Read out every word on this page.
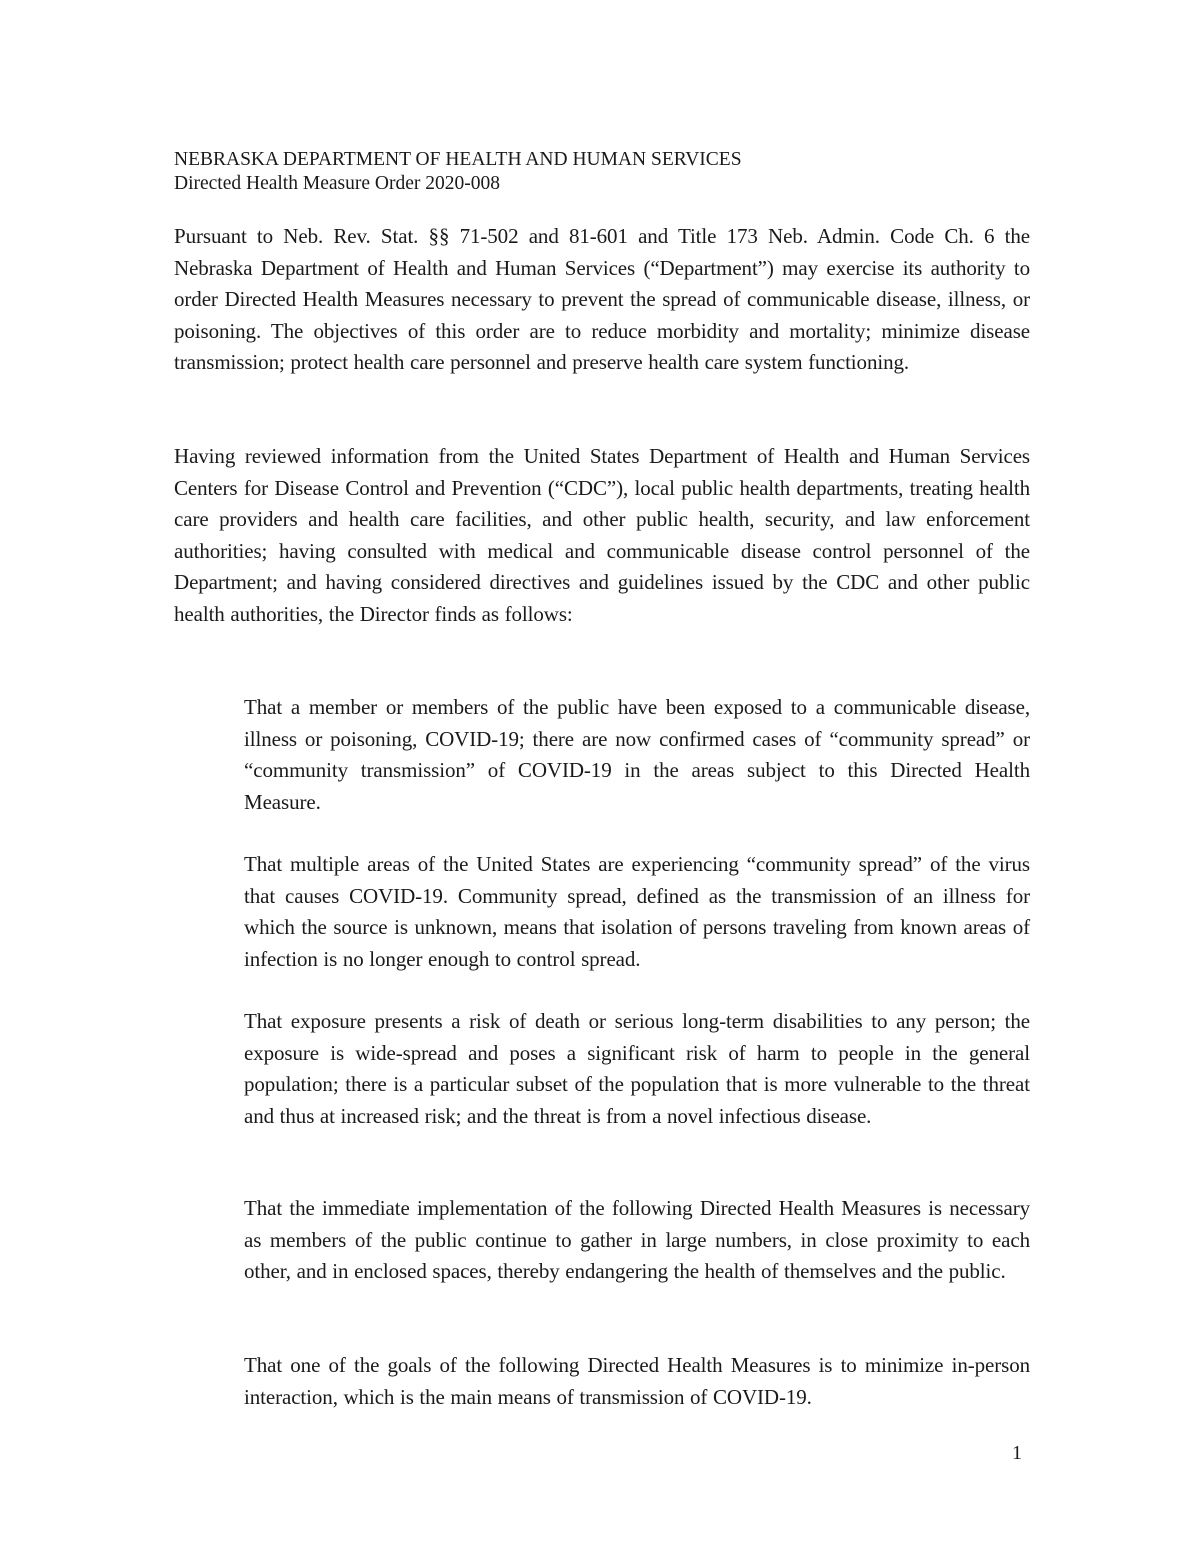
NEBRASKA DEPARTMENT OF HEALTH AND HUMAN SERVICES
Directed Health Measure Order 2020-008

Pursuant to Neb. Rev. Stat. §§ 71-502 and 81-601 and Title 173 Neb. Admin. Code Ch. 6 the Nebraska Department of Health and Human Services (“Department”) may exercise its authority to order Directed Health Measures necessary to prevent the spread of communicable disease, illness, or poisoning. The objectives of this order are to reduce morbidity and mortality; minimize disease transmission; protect health care personnel and preserve health care system functioning.

Having reviewed information from the United States Department of Health and Human Services Centers for Disease Control and Prevention (“CDC”), local public health departments, treating health care providers and health care facilities, and other public health, security, and law enforcement authorities; having consulted with medical and communicable disease control personnel of the Department; and having considered directives and guidelines issued by the CDC and other public health authorities, the Director finds as follows:

That a member or members of the public have been exposed to a communicable disease, illness or poisoning, COVID-19; there are now confirmed cases of “community spread” or “community transmission” of COVID-19 in the areas subject to this Directed Health Measure.

That multiple areas of the United States are experiencing “community spread” of the virus that causes COVID-19. Community spread, defined as the transmission of an illness for which the source is unknown, means that isolation of persons traveling from known areas of infection is no longer enough to control spread.

That exposure presents a risk of death or serious long-term disabilities to any person; the exposure is wide-spread and poses a significant risk of harm to people in the general population; there is a particular subset of the population that is more vulnerable to the threat and thus at increased risk; and the threat is from a novel infectious disease.

That the immediate implementation of the following Directed Health Measures is necessary as members of the public continue to gather in large numbers, in close proximity to each other, and in enclosed spaces, thereby endangering the health of themselves and the public.

That one of the goals of the following Directed Health Measures is to minimize in-person interaction, which is the main means of transmission of COVID-19.

1
